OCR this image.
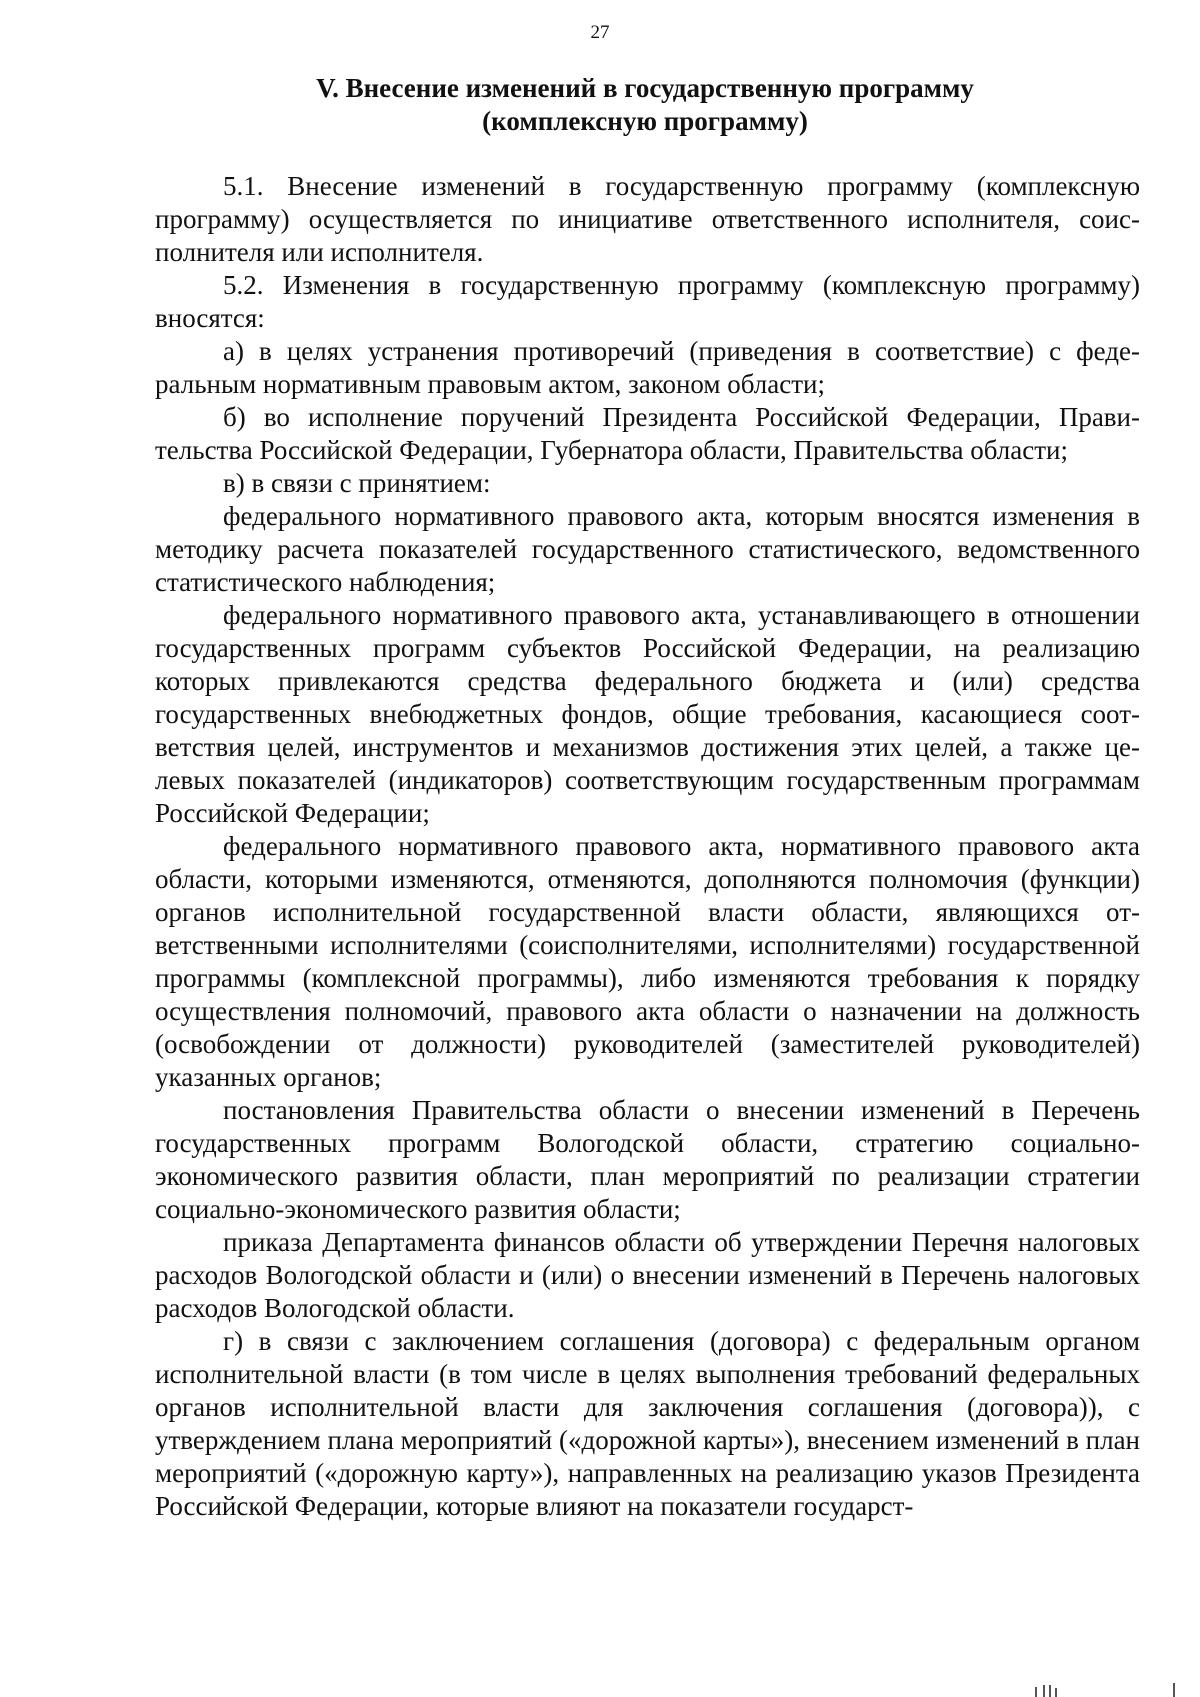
27
V. Внесение изменений в государственную программу
(комплексную программу)

5.1. Внесение изменений в государственную программу (комплексную программу) осуществляется по инициативе ответственного исполнителя, соисполнителя или исполнителя.

5.2. Изменения в государственную программу (комплексную программу) вносятся:

а) в целях устранения противоречий (приведения в соответствие) с федеральным нормативным правовым актом, законом области;

б) во исполнение поручений Президента Российской Федерации, Правительства Российской Федерации, Губернатора области, Правительства области;

в) в связи с принятием:

федерального нормативного правового акта, которым вносятся изменения в методику расчета показателей государственного статистического, ведомственного статистического наблюдения;

федерального нормативного правового акта, устанавливающего в отношении государственных программ субъектов Российской Федерации, на реализацию которых привлекаются средства федерального бюджета и (или) средства государственных внебюджетных фондов, общие требования, касающиеся соответствия целей, инструментов и механизмов достижения этих целей, а также целевых показателей (индикаторов) соответствующим государственным программам Российской Федерации;

федерального нормативного правового акта, нормативного правового акта области, которыми изменяются, отменяются, дополняются полномочия (функции) органов исполнительной государственной власти области, являющихся ответственными исполнителями (соисполнителями, исполнителями) государственной программы (комплексной программы), либо изменяются требования к порядку осуществления полномочий, правового акта области о назначении на должность (освобождении от должности) руководителей (заместителей руководителей) указанных органов;

постановления Правительства области о внесении изменений в Перечень государственных программ Вологодской области, стратегию социально-экономического развития области, план мероприятий по реализации стратегии социально-экономического развития области;

приказа Департамента финансов области об утверждении Перечня налоговых расходов Вологодской области и (или) о внесении изменений в Перечень налоговых расходов Вологодской области.

г) в связи с заключением соглашения (договора) с федеральным органом исполнительной власти (в том числе в целях выполнения требований федеральных органов исполнительной власти для заключения соглашения (договора)), с утверждением плана мероприятий («дорожной карты»), внесением изменений в план мероприятий («дорожную карту»), направленных на реализацию указов Президента Российской Федерации, которые влияют на показатели государст-
